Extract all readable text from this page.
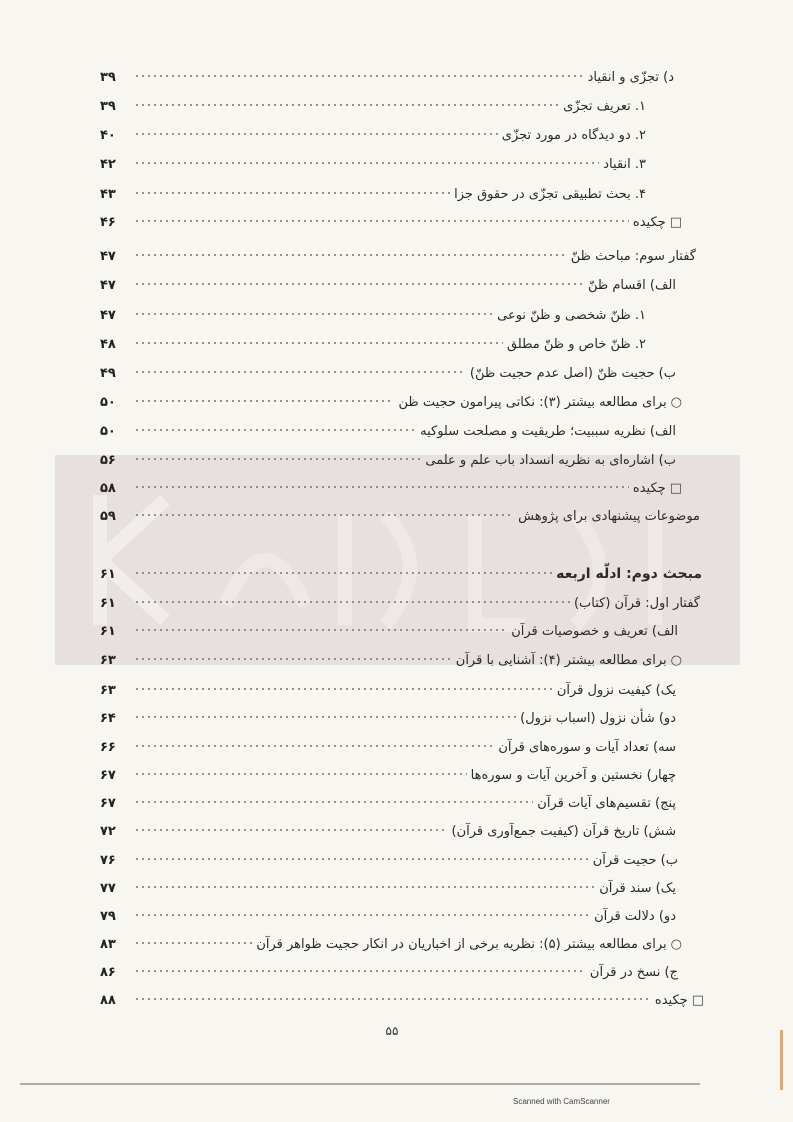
۳۹	د) تجزّی و انقیاد
۳۹	۱. تعریف تجزّی
۴۰	۲. دو دیدگاه در مورد تجزّی
۴۲	۳. انقیاد
۴۳	۴. بحث تطبیقی تجزّی در حقوق جزا
۴۶	□چکیده
۴۷	گفتار سوم: مباحث ظنّ
۴۷	الف) اقسام ظنّ
۴۷	۱. ظنّ شخصی و ظنّ نوعی
۴۸	۲. ظنّ خاص و ظنّ مطلق
۴۹	ب) حجیت ظنّ (اصل عدم حجیت ظنّ)
۵۰	○برای مطالعه بیشتر (۳): نکاتی پیرامون حجیت ظن
۵۰	الف) نظریه سببیت؛ طریقیت و مصلحت سلوکیه
۵۶	ب) اشاره‌ای به نظریه انسداد باب علم و علمی
۵۸	□چکیده
۵۹	موضوعات پیشنهادی برای پژوهش
۶۱	مبحث دوم: ادلّه اربعه
۶۱	گفتار اول: قرآن (کتاب)
۶۱	الف) تعریف و خصوصیات قرآن
۶۳	○برای مطالعه بیشتر (۴): آشنایی با قرآن
۶۳	یک) کیفیت نزول قرآن
۶۴	دو) شأن نزول (اسباب نزول)
۶۶	سه) تعداد آیات و سوره‌های قرآن
۶۷	چهار) نخستین و آخرین آیات و سوره‌ها
۶۷	پنج) تقسیم‌های آیات قرآن
۷۲	شش) تاریخ قرآن (کیفیت جمع‌آوری قرآن)
۷۶	ب) حجیت قرآن
۷۷	یک) سند قرآن
۷۹	دو) دلالت قرآن
۸۳	○برای مطالعه بیشتر (۵): نظریه برخی از اخباریان در انکار حجیت ظواهر قرآن
۸۶	ج) نسخ در قرآن
۸۸	□چکیده
۵۵
Scanned with CamScanner
